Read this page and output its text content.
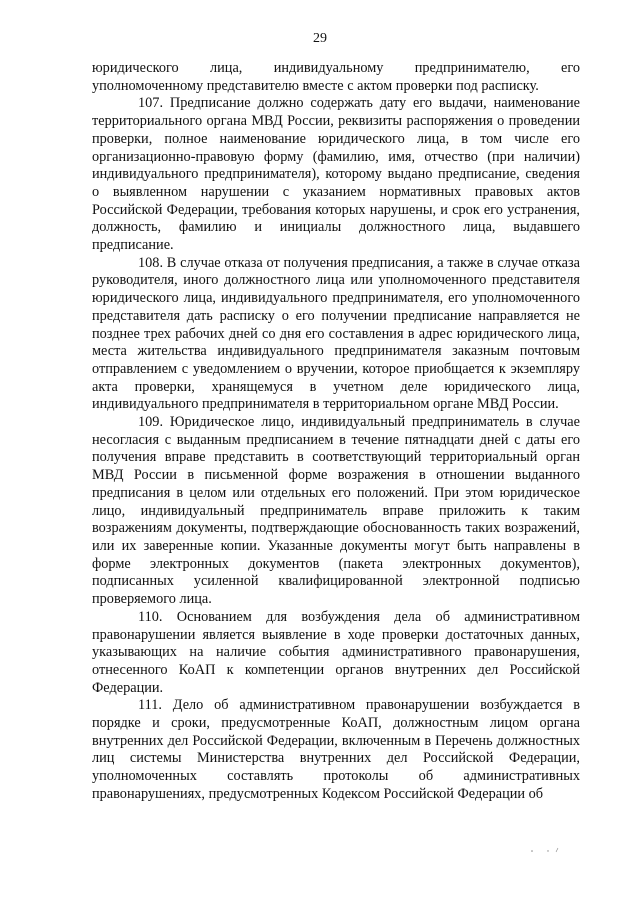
29

юридического лица, индивидуальному предпринимателю, его уполномоченному представителю вместе с актом проверки под расписку.

107. Предписание должно содержать дату его выдачи, наименование территориального органа МВД России, реквизиты распоряжения о проведении проверки, полное наименование юридического лица, в том числе его организационно-правовую форму (фамилию, имя, отчество (при наличии) индивидуального предпринимателя), которому выдано предписание, сведения о выявленном нарушении с указанием нормативных правовых актов Российской Федерации, требования которых нарушены, и срок его устранения, должность, фамилию и инициалы должностного лица, выдавшего предписание.

108. В случае отказа от получения предписания, а также в случае отказа руководителя, иного должностного лица или уполномоченного представителя юридического лица, индивидуального предпринимателя, его уполномоченного представителя дать расписку о его получении предписание направляется не позднее трех рабочих дней со дня его составления в адрес юридического лица, места жительства индивидуального предпринимателя заказным почтовым отправлением с уведомлением о вручении, которое приобщается к экземпляру акта проверки, хранящемуся в учетном деле юридического лица, индивидуального предпринимателя в территориальном органе МВД России.

109. Юридическое лицо, индивидуальный предприниматель в случае несогласия с выданным предписанием в течение пятнадцати дней с даты его получения вправе представить в соответствующий территориальный орган МВД России в письменной форме возражения в отношении выданного предписания в целом или отдельных его положений. При этом юридическое лицо, индивидуальный предприниматель вправе приложить к таким возражениям документы, подтверждающие обоснованность таких возражений, или их заверенные копии. Указанные документы могут быть направлены в форме электронных документов (пакета электронных документов), подписанных усиленной квалифицированной электронной подписью проверяемого лица.

110. Основанием для возбуждения дела об административном правонарушении является выявление в ходе проверки достаточных данных, указывающих на наличие события административного правонарушения, отнесенного КоАП к компетенции органов внутренних дел Российской Федерации.

111. Дело об административном правонарушении возбуждается в порядке и сроки, предусмотренные КоАП, должностным лицом органа внутренних дел Российской Федерации, включенным в Перечень должностных лиц системы Министерства внутренних дел Российской Федерации, уполномоченных составлять протоколы об административных правонарушениях, предусмотренных Кодексом Российской Федерации об
